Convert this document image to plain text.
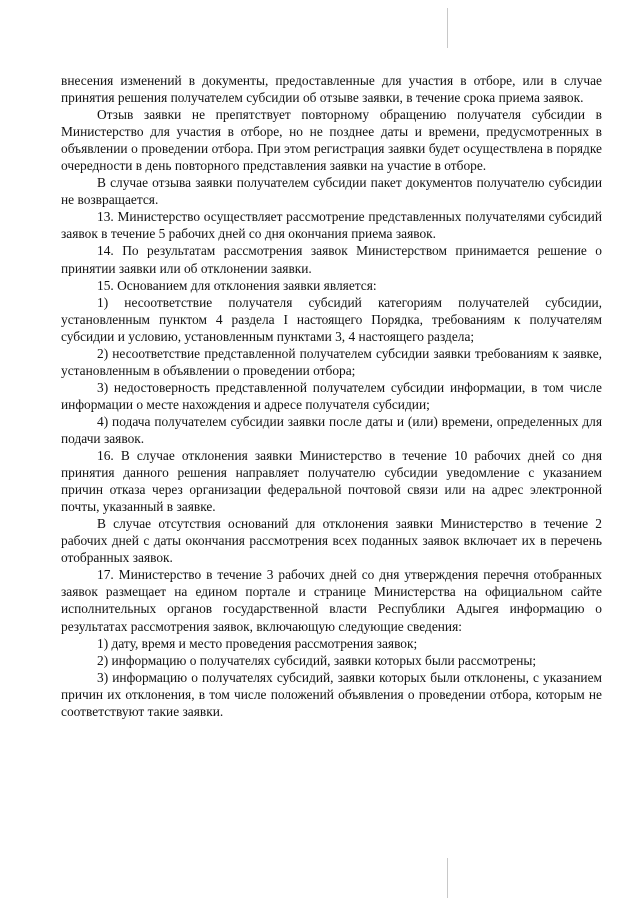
внесения изменений в документы, предоставленные для участия в отборе, или в случае принятия решения получателем субсидии об отзыве заявки, в течение срока приема заявок.

Отзыв заявки не препятствует повторному обращению получателя субсидии в Министерство для участия в отборе, но не позднее даты и времени, предусмотренных в объявлении о проведении отбора. При этом регистрация заявки будет осуществлена в порядке очередности в день повторного представления заявки на участие в отборе.

В случае отзыва заявки получателем субсидии пакет документов получателю субсидии не возвращается.

13. Министерство осуществляет рассмотрение представленных получателями субсидий заявок в течение 5 рабочих дней со дня окончания приема заявок.

14. По результатам рассмотрения заявок Министерством принимается решение о принятии заявки или об отклонении заявки.

15. Основанием для отклонения заявки является:

1) несоответствие получателя субсидий категориям получателей субсидии, установленным пунктом 4 раздела I настоящего Порядка, требованиям к получателям субсидии и условию, установленным пунктами 3, 4 настоящего раздела;

2) несоответствие представленной получателем субсидии заявки требованиям к заявке, установленным в объявлении о проведении отбора;

3) недостоверность представленной получателем субсидии информации, в том числе информации о месте нахождения и адресе получателя субсидии;

4) подача получателем субсидии заявки после даты и (или) времени, определенных для подачи заявок.

16. В случае отклонения заявки Министерство в течение 10 рабочих дней со дня принятия данного решения направляет получателю субсидии уведомление с указанием причин отказа через организации федеральной почтовой связи или на адрес электронной почты, указанный в заявке.

В случае отсутствия оснований для отклонения заявки Министерство в течение 2 рабочих дней с даты окончания рассмотрения всех поданных заявок включает их в перечень отобранных заявок.

17. Министерство в течение 3 рабочих дней со дня утверждения перечня отобранных заявок размещает на едином портале и странице Министерства на официальном сайте исполнительных органов государственной власти Республики Адыгея информацию о результатах рассмотрения заявок, включающую следующие сведения:

1) дату, время и место проведения рассмотрения заявок;

2) информацию о получателях субсидий, заявки которых были рассмотрены;

3) информацию о получателях субсидий, заявки которых были отклонены, с указанием причин их отклонения, в том числе положений объявления о проведении отбора, которым не соответствуют такие заявки.
